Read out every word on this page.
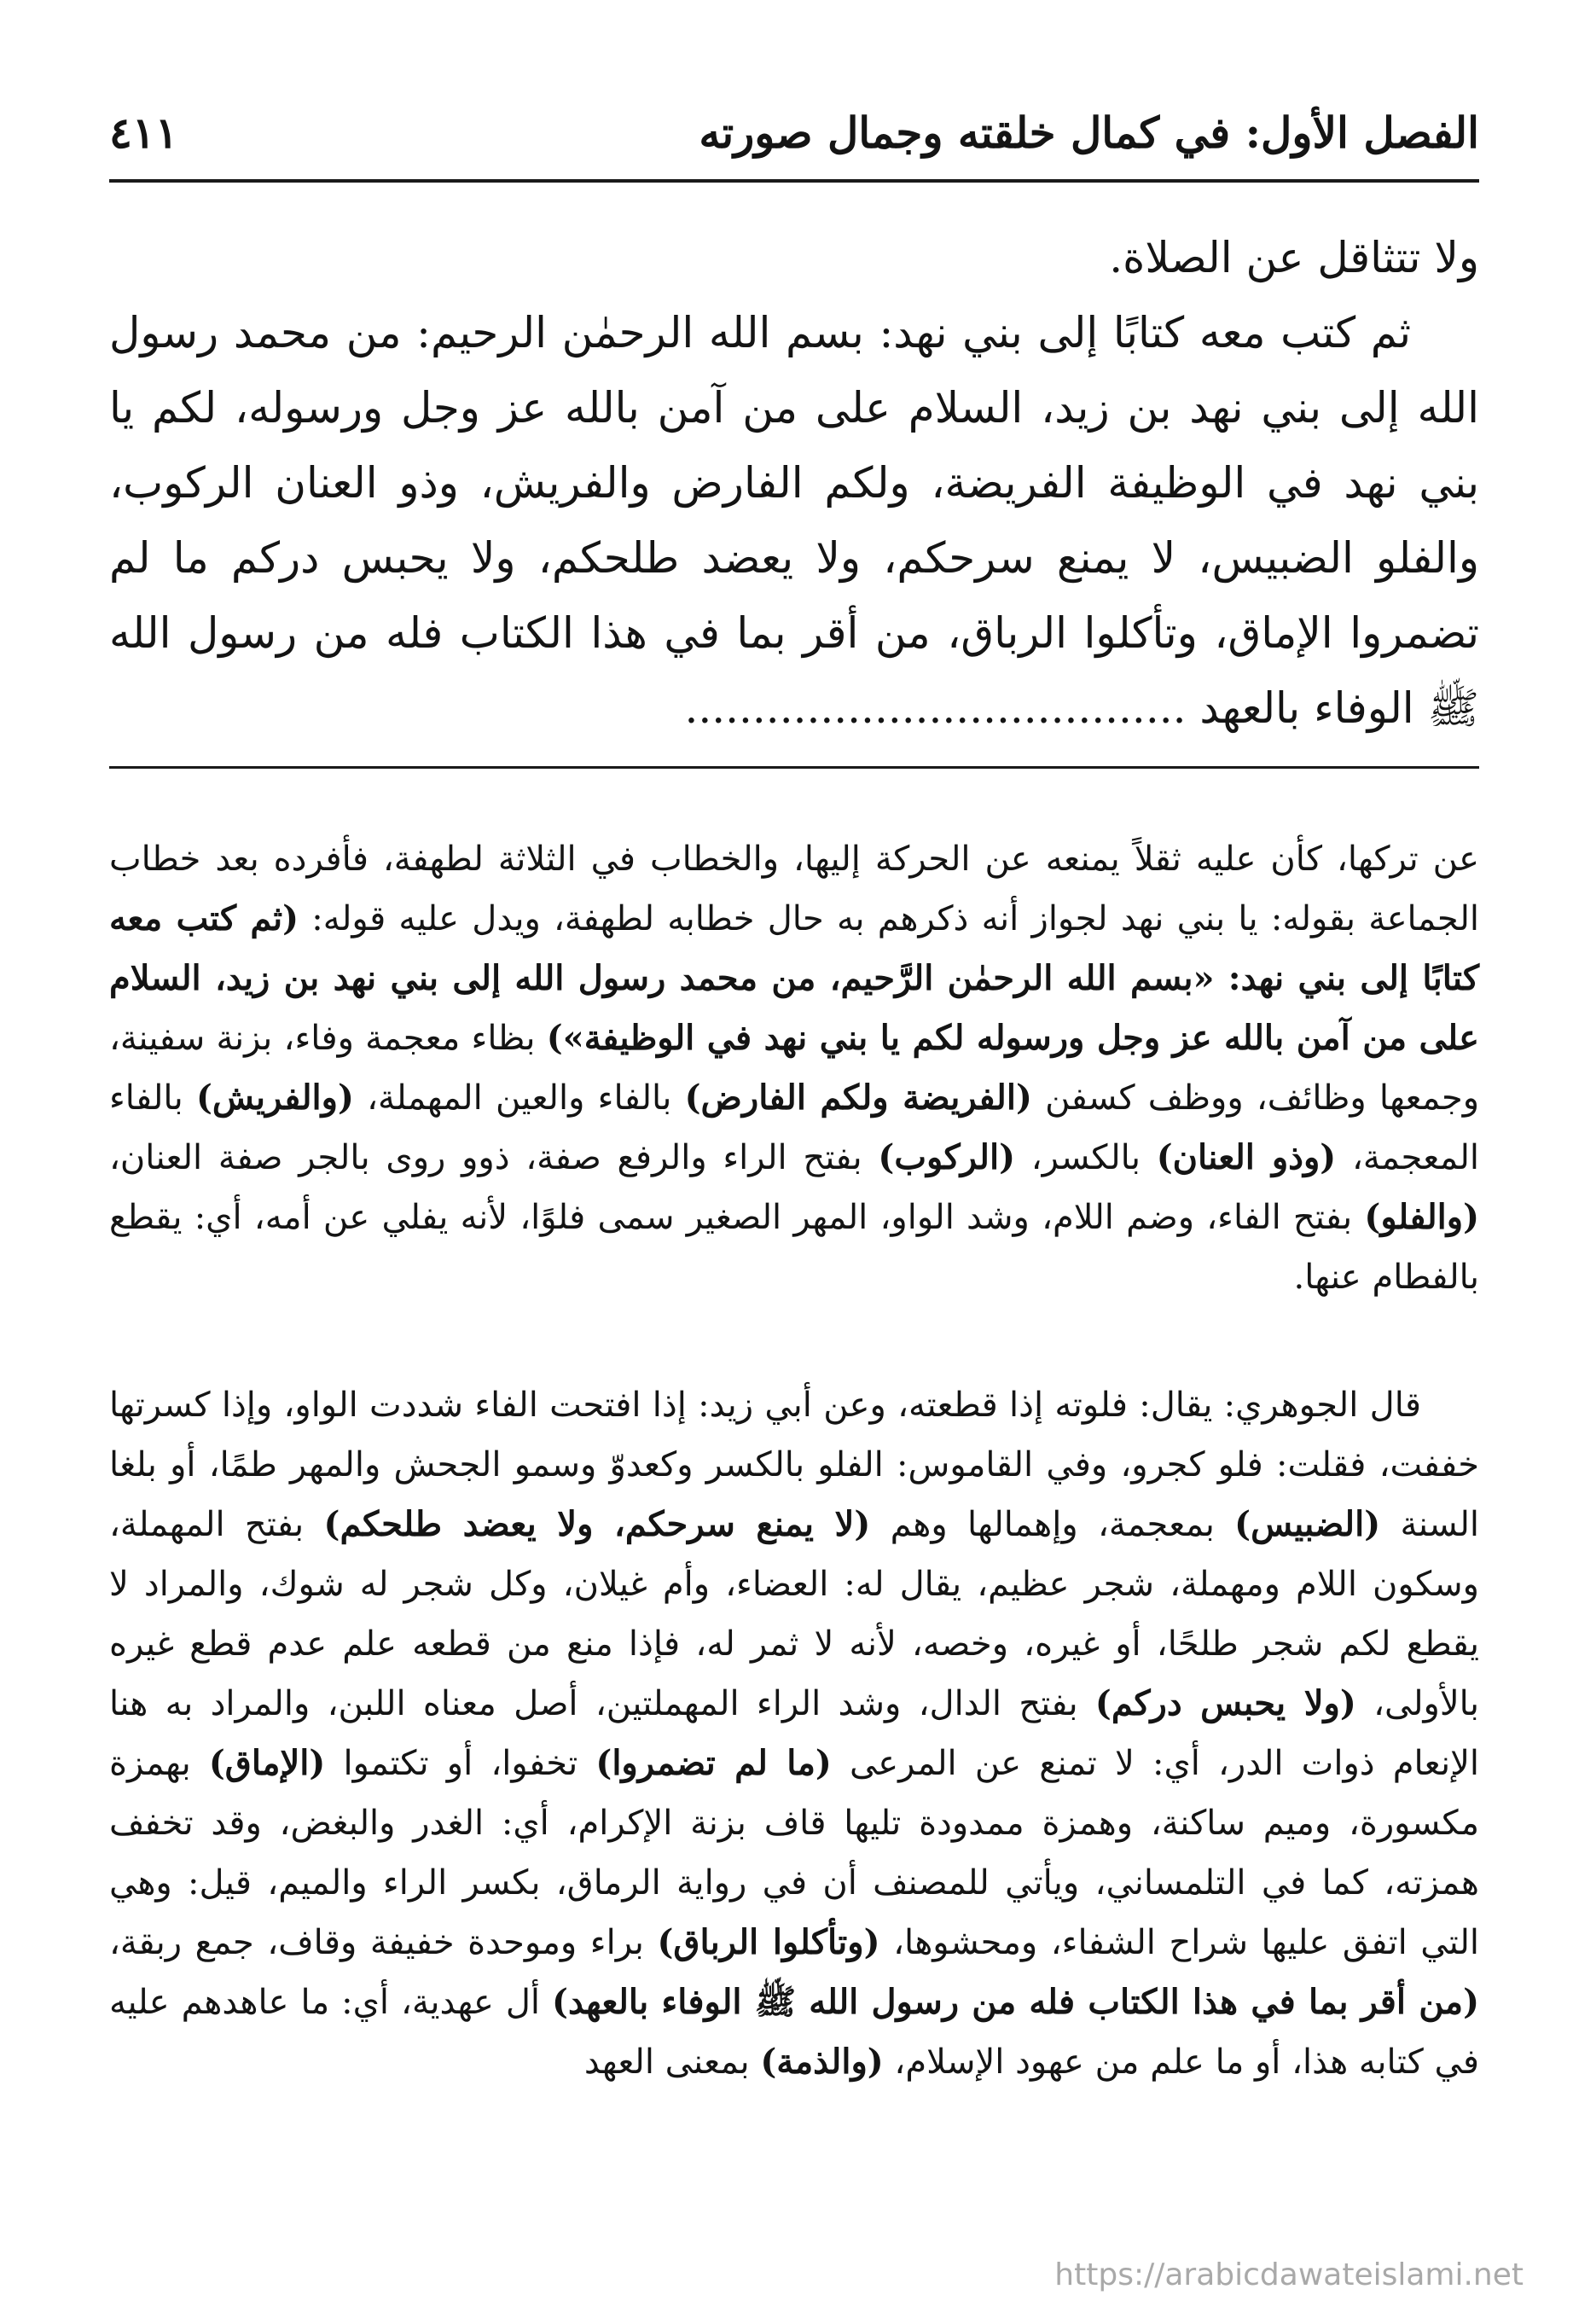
الفصل الأول: في كمال خلقته وجمال صورته
٤١١

ولا تتثاقل عن الصلاة.

ثم كتب معه كتابًا إلى بني نهد: بسم الله الرحمٰن الرحيم: من محمد رسول الله إلى بني نهد بن زيد، السلام على من آمن بالله عز وجل ورسوله، لكم يا بني نهد في الوظيفة الفريضة، ولكم الفارض والفريش، وذو العنان الركوب، والفلو الضبيس، لا يمنع سرحكم، ولا يعضد طلحكم، ولا يحبس دركم ما لم تضمروا الإماق، وتأكلوا الرباق، من أقر بما في هذا الكتاب فله من رسول الله ﷺ الوفاء بالعهد .....................................

عن تركها، كأن عليه ثقلاً يمنعه عن الحركة إليها، والخطاب في الثلاثة لطهفة، فأفرده بعد خطاب الجماعة بقوله: يا بني نهد لجواز أنه ذكرهم به حال خطابه لطهفة، ويدل عليه قوله: (ثم كتب معه كتابًا إلى بني نهد: «بسم الله الرحمٰن الرَّحيم، من محمد رسول الله إلى بني نهد بن زيد، السلام على من آمن بالله عز وجل ورسوله لكم يا بني نهد في الوظيفة») بظاء معجمة وفاء، بزنة سفينة، وجمعها وظائف، ووظف كسفن (الفريضة ولكم الفارض) بالفاء والعين المهملة، (والفريش) بالفاء المعجمة، (وذو العنان) بالكسر، (الركوب) بفتح الراء والرفع صفة، ذوو روى بالجر صفة العنان، (والفلو) بفتح الفاء، وضم اللام، وشد الواو، المهر الصغير سمى فلوًا، لأنه يفلي عن أمه، أي: يقطع بالفطام عنها.

قال الجوهري: يقال: فلوته إذا قطعته، وعن أبي زيد: إذا افتحت الفاء شددت الواو، وإذا كسرتها خففت، فقلت: فلو كجرو، وفي القاموس: الفلو بالكسر وكعدوّ وسمو الجحش والمهر طمًا، أو بلغا السنة (الضبيس) بمعجمة، وإهمالها وهم (لا يمنع سرحكم، ولا يعضد طلحكم) بفتح المهملة، وسكون اللام ومهملة، شجر عظيم، يقال له: العضاء، وأم غيلان، وكل شجر له شوك، والمراد لا يقطع لكم شجر طلحًا، أو غيره، وخصه، لأنه لا ثمر له، فإذا منع من قطعه علم عدم قطع غيره بالأولى، (ولا يحبس دركم) بفتح الدال، وشد الراء المهملتين، أصل معناه اللبن، والمراد به هنا الإنعام ذوات الدر، أي: لا تمنع عن المرعى (ما لم تضمروا) تخفوا، أو تكتموا (الإماق) بهمزة مكسورة، وميم ساكنة، وهمزة ممدودة تليها قاف بزنة الإكرام، أي: الغدر والبغض، وقد تخفف همزته، كما في التلمساني، ويأتي للمصنف أن في رواية الرماق، بكسر الراء والميم، قيل: وهي التي اتفق عليها شراح الشفاء، ومحشوها، (وتأكلوا الرباق) براء وموحدة خفيفة وقاف، جمع ربقة، (من أقر بما في هذا الكتاب فله من رسول الله ﷺ الوفاء بالعهد) أل عهدية، أي: ما عاهدهم عليه في كتابه هذا، أو ما علم من عهود الإسلام، (والذمة) بمعنى العهد

https://arabicdawateislami.net
